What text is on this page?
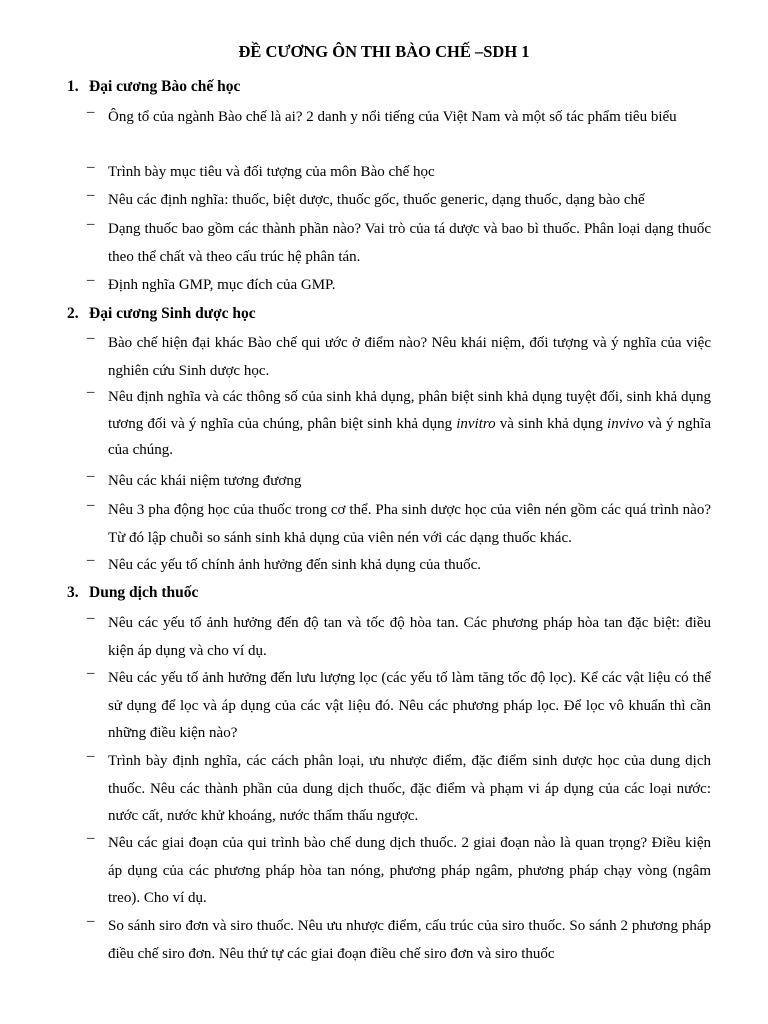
ĐỀ CƯƠNG ÔN THI BÀO CHẾ –SDH 1
1. Đại cương Bào chế học
– Ông tổ của ngành Bào chế là ai? 2 danh y nổi tiếng của Việt Nam và một số tác phẩm tiêu biểu
– Trình bày mục tiêu và đối tượng của môn Bào chế học
– Nêu các định nghĩa: thuốc, biệt dược, thuốc gốc, thuốc generic, dạng thuốc, dạng bào chế
– Dạng thuốc bao gồm các thành phần nào? Vai trò của tá dược và bao bì thuốc. Phân loại dạng thuốc theo thể chất và theo cấu trúc hệ phân tán.
– Định nghĩa GMP, mục đích của GMP.
2. Đại cương Sinh dược học
– Bào chế hiện đại khác Bào chế qui ước ở điểm nào? Nêu khái niệm, đối tượng và ý nghĩa của việc nghiên cứu Sinh dược học.
– Nêu định nghĩa và các thông số của sinh khả dụng, phân biệt sinh khả dụng tuyệt đối, sinh khả dụng tương đối và ý nghĩa của chúng, phân biệt sinh khả dụng invitro và sinh khả dụng invivo và ý nghĩa của chúng.
– Nêu các khái niệm tương đương
– Nêu 3 pha động học của thuốc trong cơ thể. Pha sinh dược học của viên nén gồm các quá trình nào? Từ đó lập chuỗi so sánh sinh khả dụng của viên nén với các dạng thuốc khác.
– Nêu các yếu tố chính ảnh hưởng đến sinh khả dụng của thuốc.
3. Dung dịch thuốc
– Nêu các yếu tố ảnh hưởng đến độ tan và tốc độ hòa tan. Các phương pháp hòa tan đặc biệt: điều kiện áp dụng và cho ví dụ.
– Nêu các yếu tố ảnh hưởng đến lưu lượng lọc (các yếu tố làm tăng tốc độ lọc). Kể các vật liệu có thể sử dụng để lọc và áp dụng của các vật liệu đó. Nêu các phương pháp lọc. Để lọc vô khuẩn thì cần những điều kiện nào?
– Trình bày định nghĩa, các cách phân loại, ưu nhược điểm, đặc điểm sinh dược học của dung dịch thuốc. Nêu các thành phần của dung dịch thuốc, đặc điểm và phạm vi áp dụng của các loại nước: nước cất, nước khử khoáng, nước thẩm thấu ngược.
– Nêu các giai đoạn của qui trình bào chế dung dịch thuốc. 2 giai đoạn nào là quan trọng? Điều kiện áp dụng của các phương pháp hòa tan nóng, phương pháp ngâm, phương pháp chạy vòng (ngâm treo). Cho ví dụ.
– So sánh siro đơn và siro thuốc. Nêu ưu nhược điểm, cấu trúc của siro thuốc. So sánh 2 phương pháp điều chế siro đơn. Nêu thứ tự các giai đoạn điều chế siro đơn và siro thuốc
